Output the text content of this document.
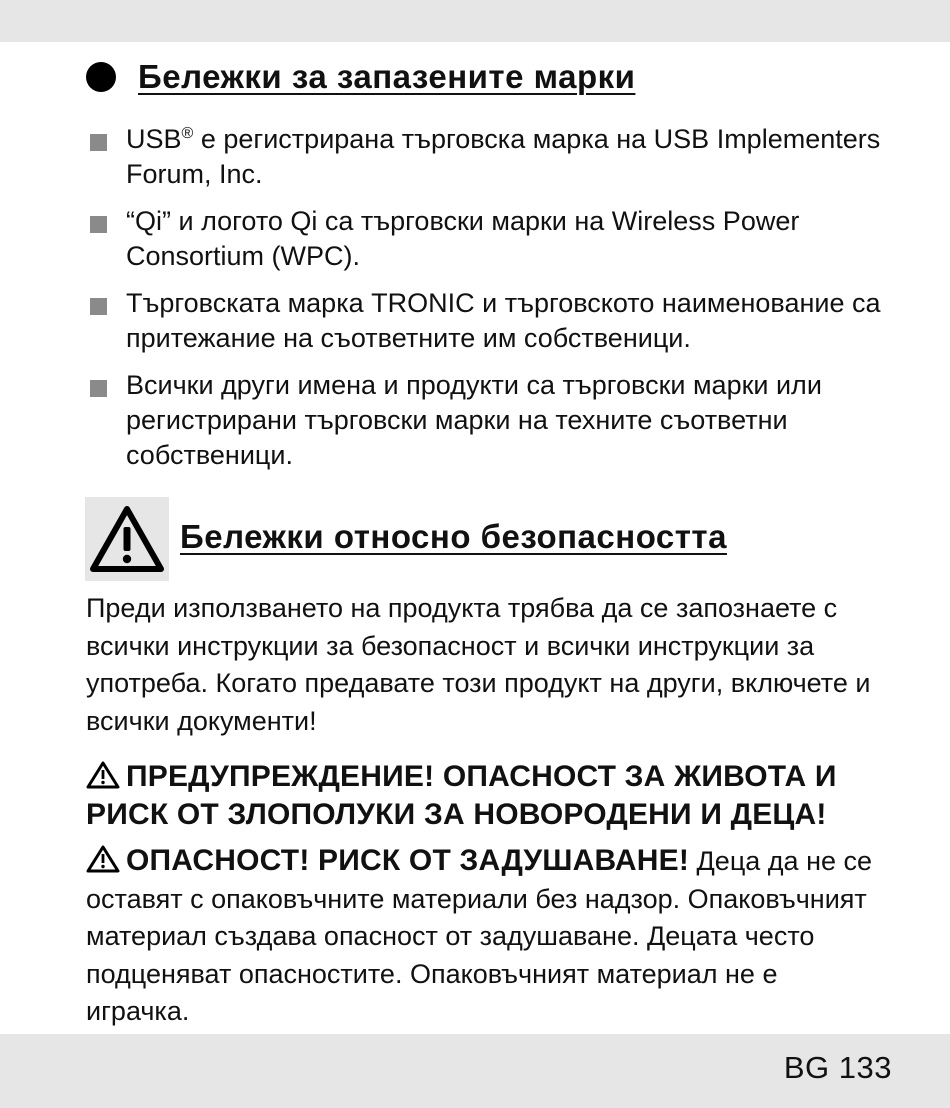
Бележки за запазените марки
USB® е регистрирана търговска марка на USB Implementers Forum, Inc.
“Qi” и логото Qi са търговски марки на Wireless Power Consortium (WPC).
Търговската марка TRONIC и търговското наименование са притежание на съответните им собственици.
Всички други имена и продукти са търговски марки или регистрирани търговски марки на техните съответни собственици.
Бележки относно безопасността

Преди използването на продукта трябва да се запознаете с всички инструкции за безопасност и всички инструкции за употреба. Когато предавате този продукт на други, включете и всички документи!

ПРЕДУПРЕЖДЕНИЕ! ОПАСНОСТ ЗА ЖИВОТА И РИСК ОТ ЗЛОПОЛУКИ ЗА НОВОРОДЕНИ И ДЕЦА!

ОПАСНОСТ! РИСК ОТ ЗАДУШАВАНЕ! Деца да не се оставят с опаковъчните материали без надзор. Опаковъчният материал създава опасност от задушаване. Децата често подценяват опасностите. Опаковъчният материал не е играчка.

BG 133
